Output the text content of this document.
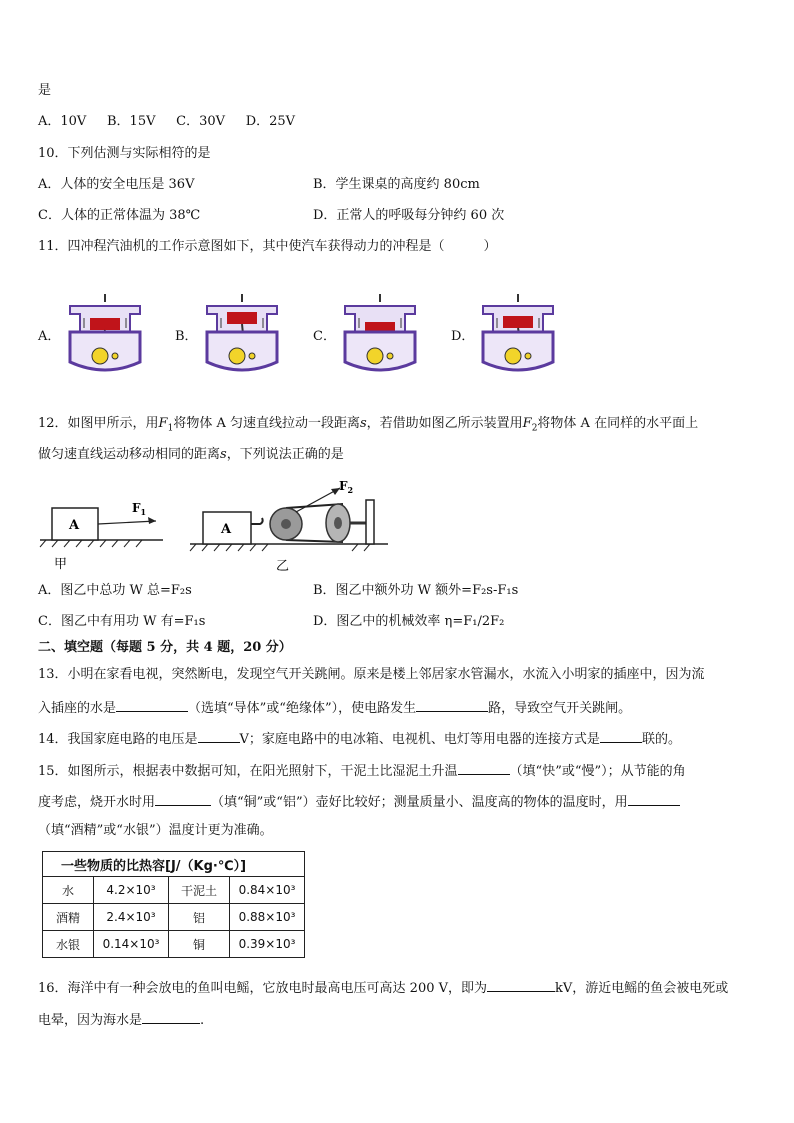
是
A．10V B．15V C．30V D．25V
10．下列估测与实际相符的是
A．人体的安全电压是 36V	B．学生课桌的高度约 80cm
C．人体的正常体温为 38℃	D．正常人的呼吸每分钟约 60 次
11．四冲程汽油机的工作示意图如下，其中使汽车获得动力的冲程是（　　　）
A．	B．	C．	D．
12．如图甲所示，用$F_1$将物体 A 匀速直线拉动一段距离s，若借助如图乙所示装置用$F_2$将物体 A 在同样的水平面上
做匀速直线运动移动相同的距离s，下列说法正确的是
A
$F_1$
甲
A
$F_2$
乙
A．图乙中总功 W 总=F₂s	B．图乙中额外功 W 额外=F₂s-F₁s
C．图乙中有用功 W 有=F₁s	D．图乙中的机械效率 η=F₁/2F₂
二、填空题（每题 5 分，共 4 题，20 分）
13．小明在家看电视，突然断电，发现空气开关跳闸。原来是楼上邻居家水管漏水，水流入小明家的插座中，因为流
入插座的水是	（选填“导体”或“绝缘体”），使电路发生	路，导致空气开关跳闸。
14．我国家庭电路的电压是	V；家庭电路中的电冰箱、电视机、电灯等用电器的连接方式是	联的。
15．如图所示，根据表中数据可知，在阳光照射下，干泥土比湿泥土升温	（填“快”或“慢”）；从节能的角
度考虑，烧开水时用	（填“铜”或“铝”）壶好比较好；测量质量小、温度高的物体的温度时，用
（填“酒精”或“水银”）温度计更为准确。
一些物质的比热容[J/（Kg·℃）]			
水	4.2×10³	干泥土	0.84×10³
酒精	2.4×10³	铝	0.88×10³
水银	0.14×10³	铜	0.39×10³
16．海洋中有一种会放电的鱼叫电鳐，它放电时最高电压可高达 200 V，即为	kV，游近电鳐的鱼会被电死或
电晕，因为海水是	.
